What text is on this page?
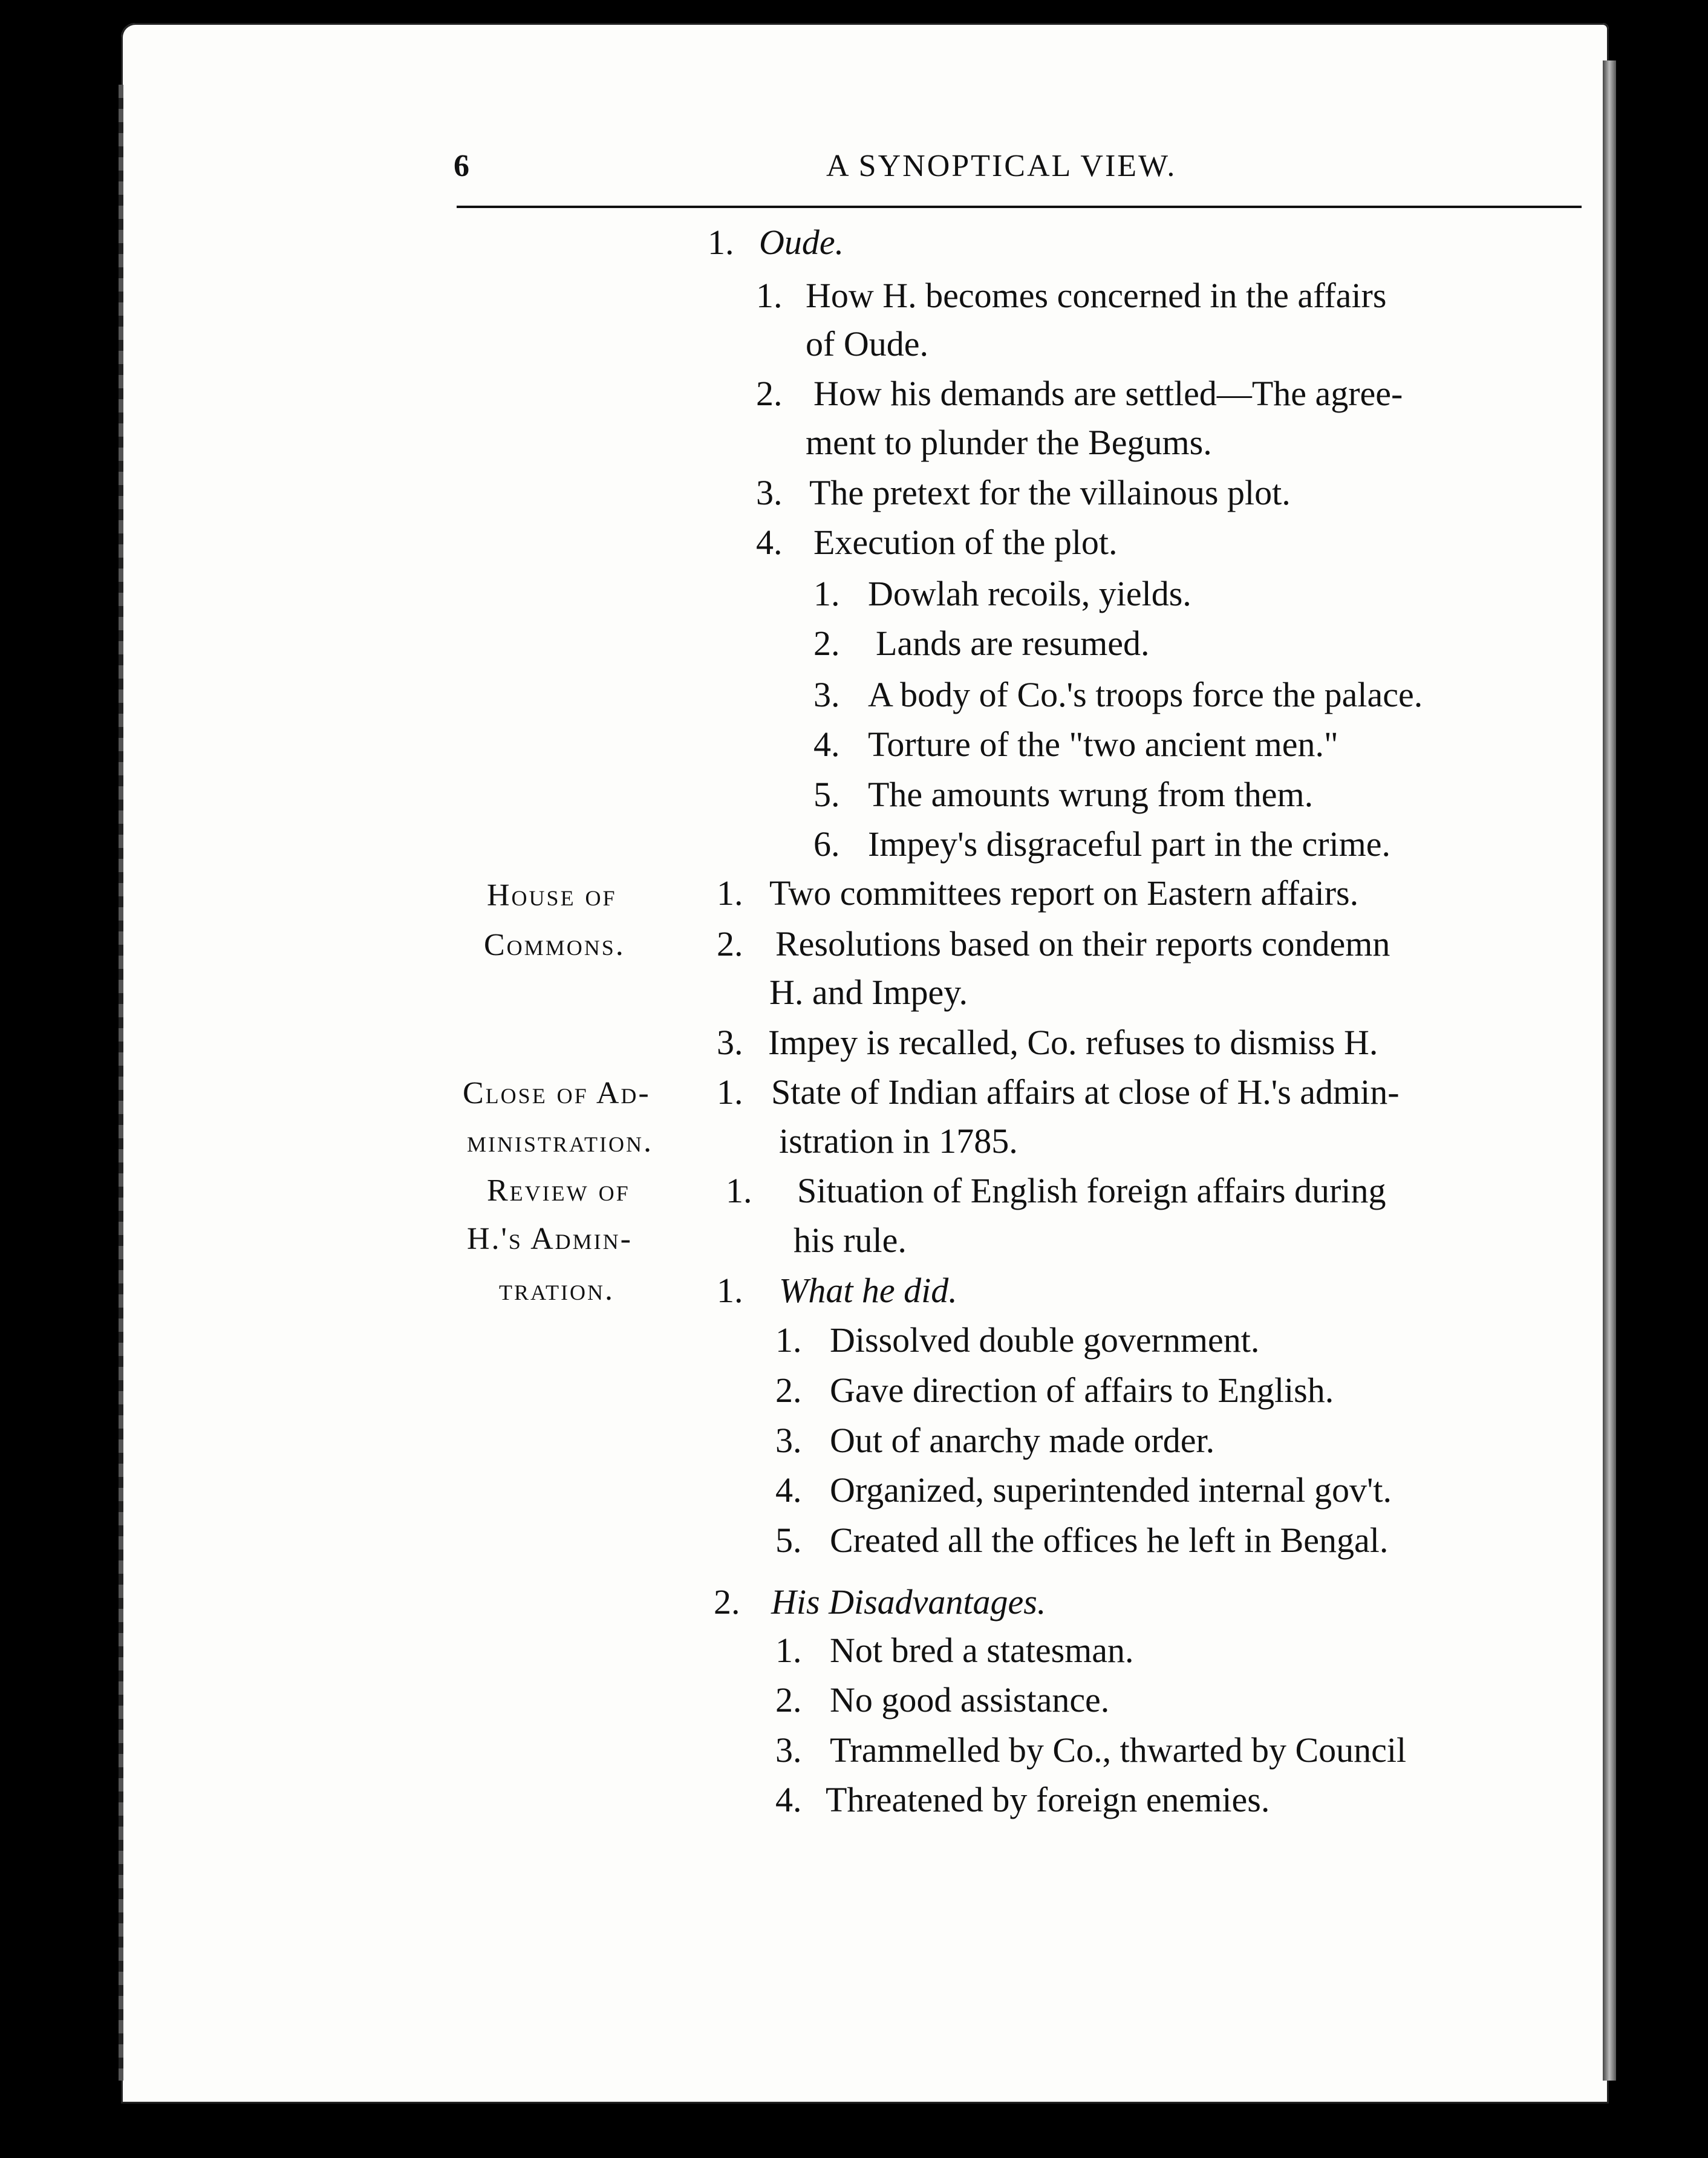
6	A SYNOPTICAL VIEW.
House of
Commons.
Close of Ad-
ministration.
Review of
H.'s Admin-
tration.
1.
1.
2.
3.
4.
1.
2.
3.
4.
5.
6.
1.
2.
3.
1.
1.
1.
1.
2.
3.
4.
5.
2.
1.
2.
3.
4.
Oude.
How H. becomes concerned in the affairs
of Oude.
How his demands are settled—The agree-
ment to plunder the Begums.
The pretext for the villainous plot.
Execution of the plot.
Dowlah recoils, yields.
Lands are resumed.
A body of Co.'s troops force the palace.
Torture of the "two ancient men."
The amounts wrung from them.
Impey's disgraceful part in the crime.
Two committees report on Eastern affairs.
Resolutions based on their reports condemn
H. and Impey.
Impey is recalled, Co. refuses to dismiss H.
State of Indian affairs at close of H.'s admin-
istration in 1785.
Situation of English foreign affairs during
his rule.
What he did.
Dissolved double government.
Gave direction of affairs to English.
Out of anarchy made order.
Organized, superintended internal gov't.
Created all the offices he left in Bengal.
His Disadvantages.
Not bred a statesman.
No good assistance.
Trammelled by Co., thwarted by Council
Threatened by foreign enemies.
